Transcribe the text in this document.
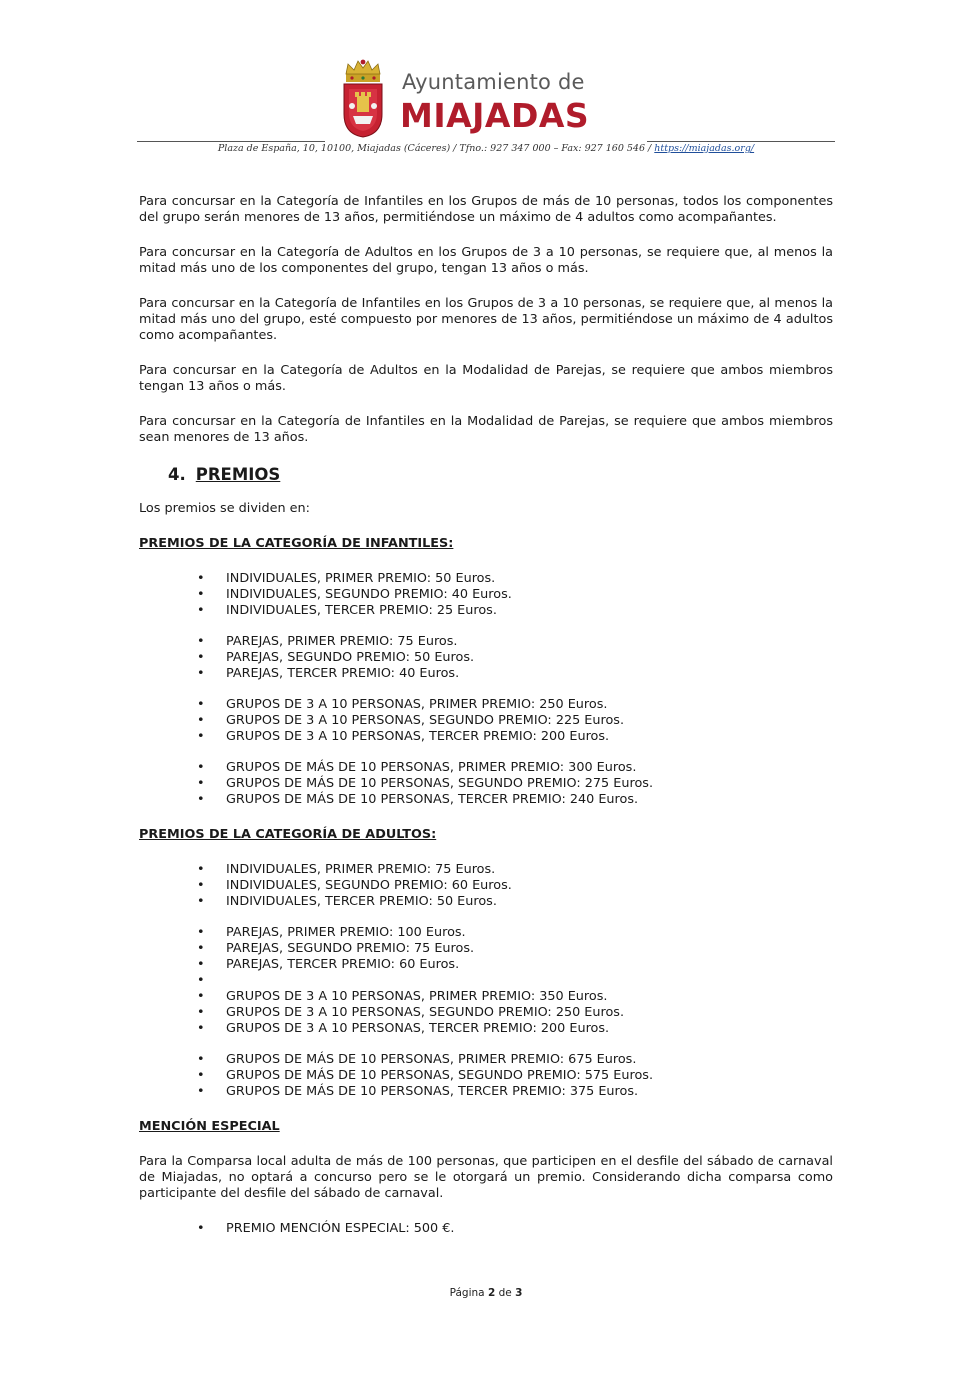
Ayuntamiento de
MIAJADAS
Plaza de España, 10, 10100, Miajadas (Cáceres) / Tfno.: 927 347 000 – Fax: 927 160 546 / https://miajadas.org/

Para concursar en la Categoría de Infantiles en los Grupos de más de 10 personas, todos los componentes del grupo serán menores de 13 años, permitiéndose un máximo de 4 adultos como acompañantes.

Para concursar en la Categoría de Adultos en los Grupos de 3 a 10 personas, se requiere que, al menos la mitad más uno de los componentes del grupo, tengan 13 años o más.

Para concursar en la Categoría de Infantiles en los Grupos de 3 a 10 personas, se requiere que, al menos la mitad más uno del grupo, esté compuesto por menores de 13 años, permitiéndose un máximo de 4 adultos como acompañantes.

Para concursar en la Categoría de Adultos en la Modalidad de Parejas, se requiere que ambos miembros tengan 13 años o más.

Para concursar en la Categoría de Infantiles en la Modalidad de Parejas, se requiere que ambos miembros sean menores de 13 años.

4. PREMIOS
Los premios se dividen en:
PREMIOS DE LA CATEGORÍA DE INFANTILES:
• INDIVIDUALES, PRIMER PREMIO: 50 Euros.
• INDIVIDUALES, SEGUNDO PREMIO: 40 Euros.
• INDIVIDUALES, TERCER PREMIO: 25 Euros.
• PAREJAS, PRIMER PREMIO: 75 Euros.
• PAREJAS, SEGUNDO PREMIO: 50 Euros.
• PAREJAS, TERCER PREMIO: 40 Euros.
• GRUPOS DE 3 A 10 PERSONAS, PRIMER PREMIO: 250 Euros.
• GRUPOS DE 3 A 10 PERSONAS, SEGUNDO PREMIO: 225 Euros.
• GRUPOS DE 3 A 10 PERSONAS, TERCER PREMIO: 200 Euros.
• GRUPOS DE MÁS DE 10 PERSONAS, PRIMER PREMIO: 300 Euros.
• GRUPOS DE MÁS DE 10 PERSONAS, SEGUNDO PREMIO: 275 Euros.
• GRUPOS DE MÁS DE 10 PERSONAS, TERCER PREMIO: 240 Euros.
PREMIOS DE LA CATEGORÍA DE ADULTOS:
• INDIVIDUALES, PRIMER PREMIO: 75 Euros.
• INDIVIDUALES, SEGUNDO PREMIO: 60 Euros.
• INDIVIDUALES, TERCER PREMIO: 50 Euros.
• PAREJAS, PRIMER PREMIO: 100 Euros.
• PAREJAS, SEGUNDO PREMIO: 75 Euros.
• PAREJAS, TERCER PREMIO: 60 Euros.
•
• GRUPOS DE 3 A 10 PERSONAS, PRIMER PREMIO: 350 Euros.
• GRUPOS DE 3 A 10 PERSONAS, SEGUNDO PREMIO: 250 Euros.
• GRUPOS DE 3 A 10 PERSONAS, TERCER PREMIO: 200 Euros.
• GRUPOS DE MÁS DE 10 PERSONAS, PRIMER PREMIO: 675 Euros.
• GRUPOS DE MÁS DE 10 PERSONAS, SEGUNDO PREMIO: 575 Euros.
• GRUPOS DE MÁS DE 10 PERSONAS, TERCER PREMIO: 375 Euros.
MENCIÓN ESPECIAL

Para la Comparsa local adulta de más de 100 personas, que participen en el desfile del sábado de carnaval de Miajadas, no optará a concurso pero se le otorgará un premio. Considerando dicha comparsa como participante del desfile del sábado de carnaval.

• PREMIO MENCIÓN ESPECIAL: 500 €.
Página 2 de 3
